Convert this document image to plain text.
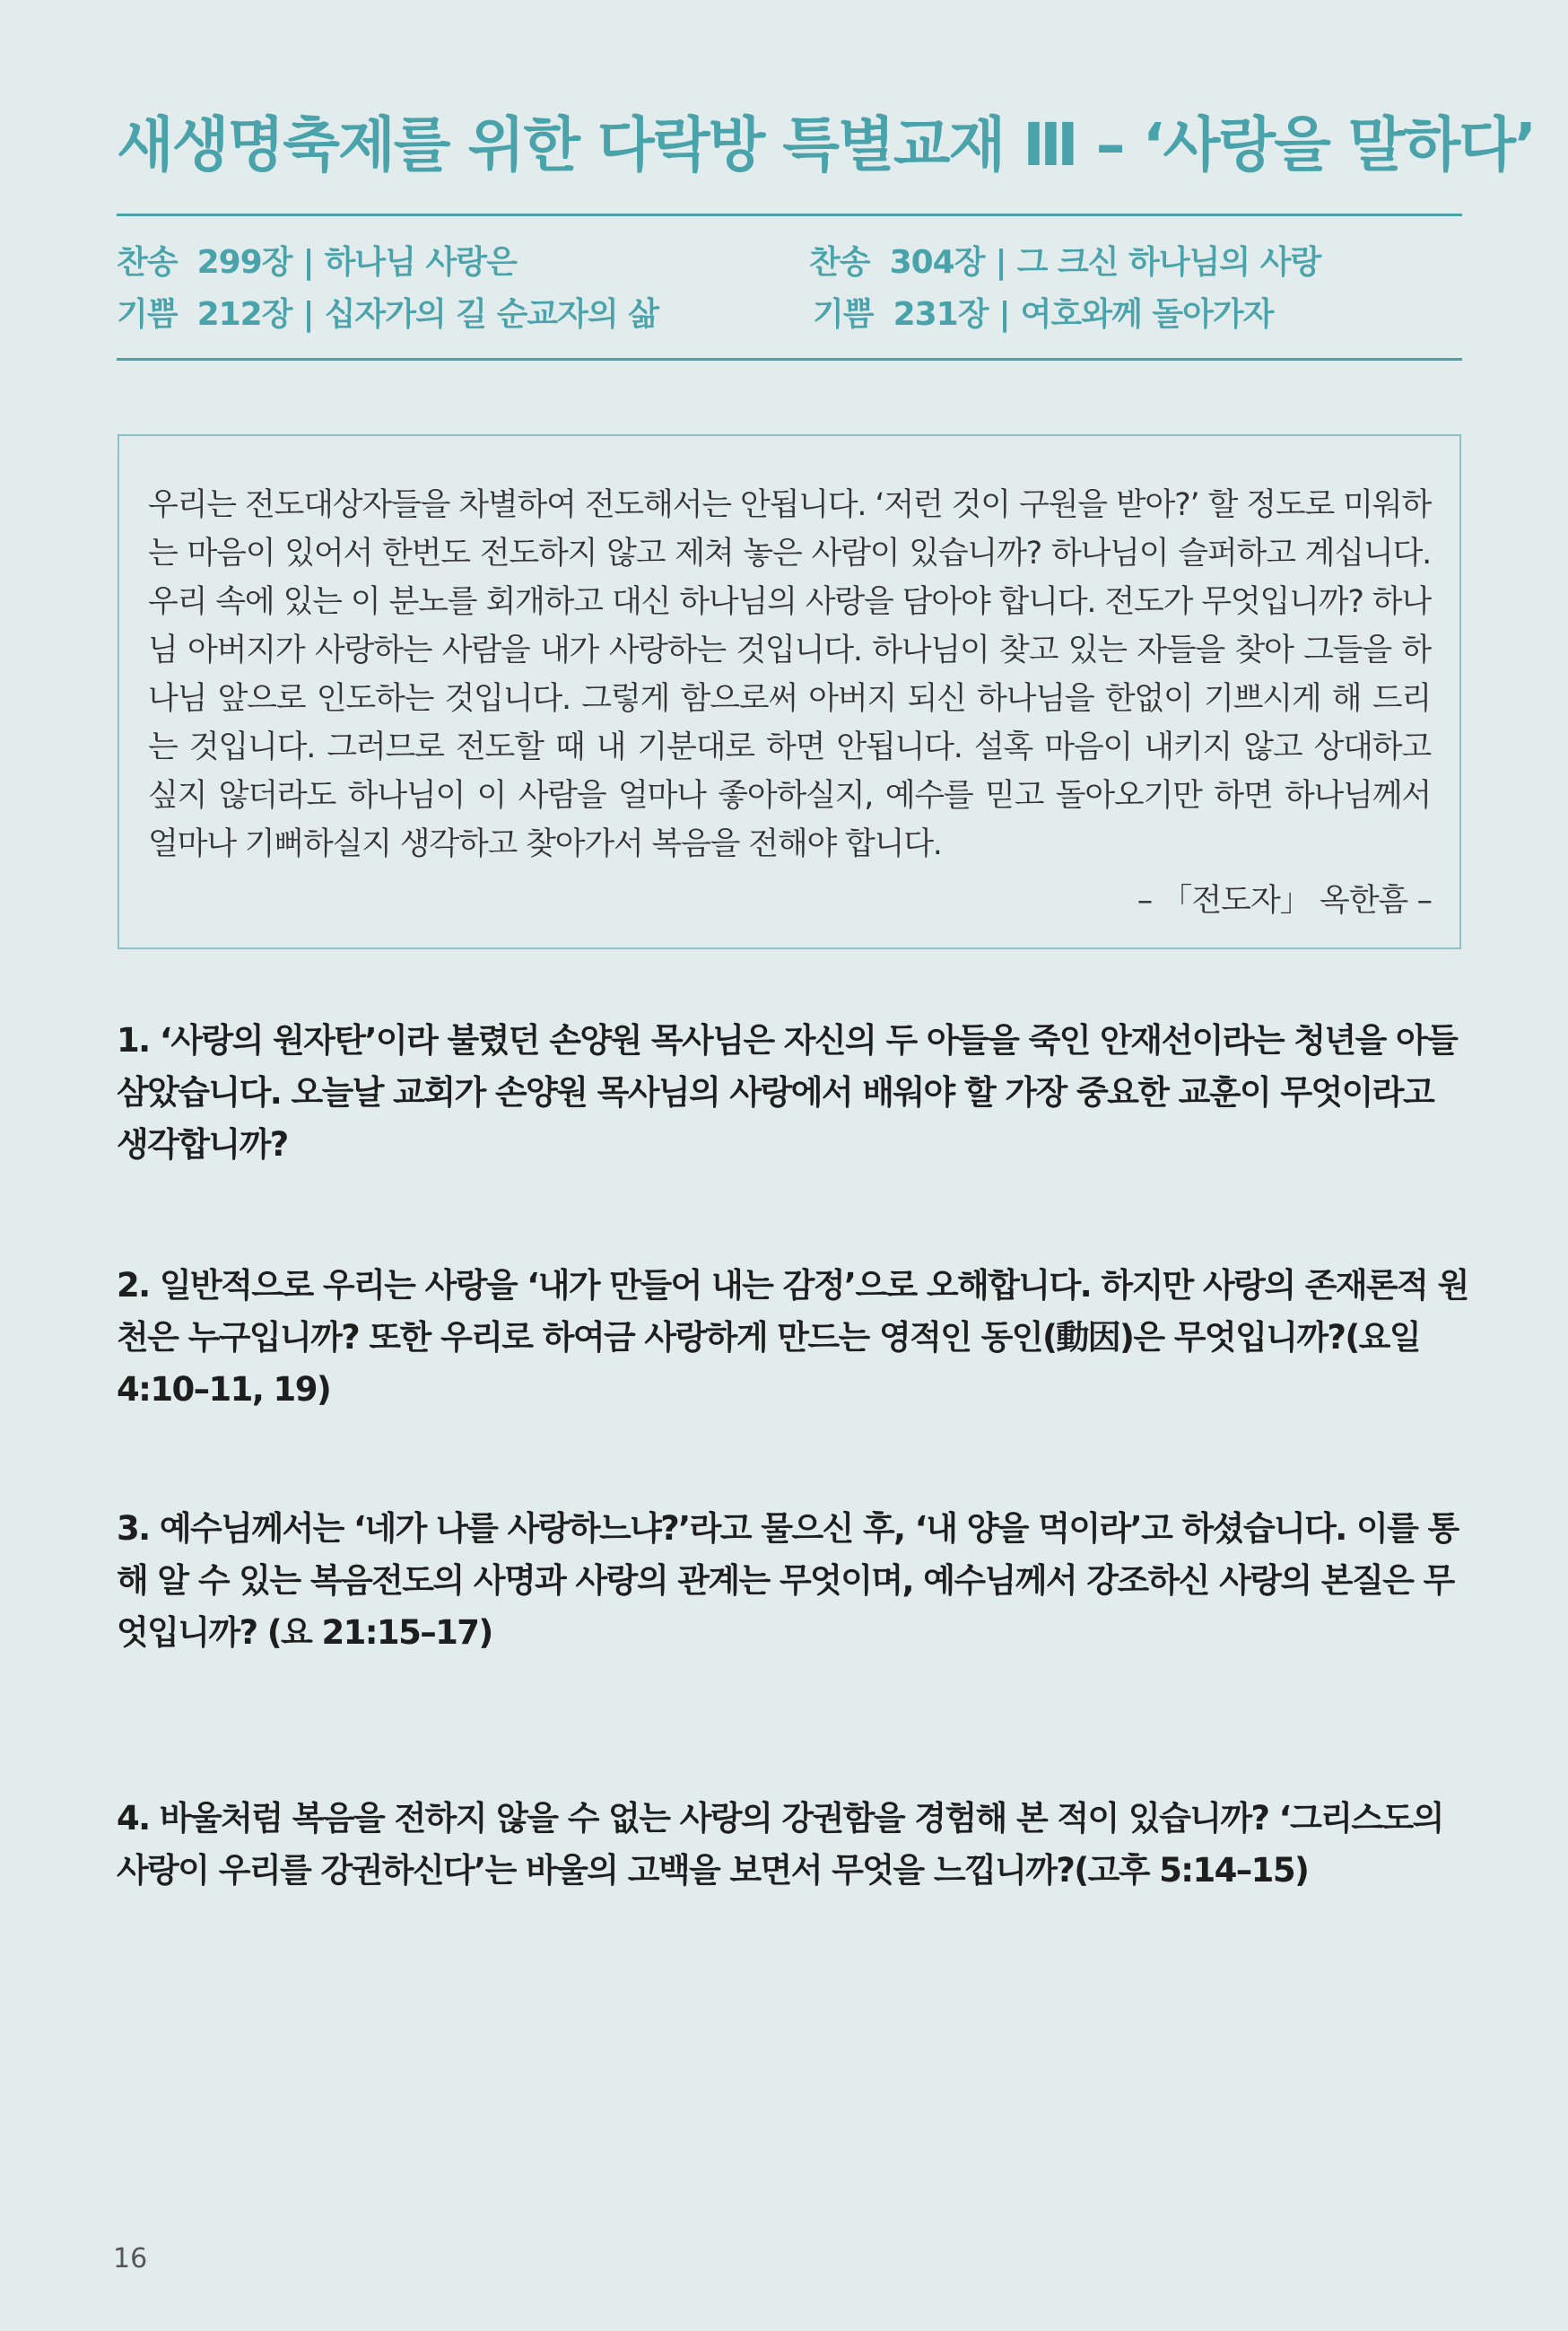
새생명축제를 위한 다락방 특별교재 Ⅲ – ‘사랑을 말하다’
찬송 299장 | 하나님 사랑은
기쁨 212장 | 십자가의 길 순교자의 삶
찬송 304장 | 그 크신 하나님의 사랑
기쁨 231장 | 여호와께 돌아가자
우리는 전도대상자들을 차별하여 전도해서는 안됩니다. ‘저런 것이 구원을 받아?’ 할 정도로 미워하는 마음이 있어서 한번도 전도하지 않고 제쳐 놓은 사람이 있습니까? 하나님이 슬퍼하고 계십니다. 우리 속에 있는 이 분노를 회개하고 대신 하나님의 사랑을 담아야 합니다. 전도가 무엇입니까? 하나님 아버지가 사랑하는 사람을 내가 사랑하는 것입니다. 하나님이 찾고 있는 자들을 찾아 그들을 하나님 앞으로 인도하는 것입니다. 그렇게 함으로써 아버지 되신 하나님을 한없이 기쁘시게 해 드리는 것입니다. 그러므로 전도할 때 내 기분대로 하면 안됩니다. 설혹 마음이 내키지 않고 상대하고 싶지 않더라도 하나님이 이 사람을 얼마나 좋아하실지, 예수를 믿고 돌아오기만 하면 하나님께서 얼마나 기뻐하실지 생각하고 찾아가서 복음을 전해야 합니다.
– 「전도자」 옥한흠 –
1. ‘사랑의 원자탄’이라 불렸던 손양원 목사님은 자신의 두 아들을 죽인 안재선이라는 청년을 아들 삼았습니다. 오늘날 교회가 손양원 목사님의 사랑에서 배워야 할 가장 중요한 교훈이 무엇이라고 생각합니까?
2. 일반적으로 우리는 사랑을 ‘내가 만들어 내는 감정’으로 오해합니다. 하지만 사랑의 존재론적 원천은 누구입니까? 또한 우리로 하여금 사랑하게 만드는 영적인 동인(動因)은 무엇입니까?(요일 4:10–11, 19)
3. 예수님께서는 ‘네가 나를 사랑하느냐?’라고 물으신 후, ‘내 양을 먹이라’고 하셨습니다. 이를 통해 알 수 있는 복음전도의 사명과 사랑의 관계는 무엇이며, 예수님께서 강조하신 사랑의 본질은 무엇입니까? (요 21:15–17)
4. 바울처럼 복음을 전하지 않을 수 없는 사랑의 강권함을 경험해 본 적이 있습니까? ‘그리스도의 사랑이 우리를 강권하신다’는 바울의 고백을 보면서 무엇을 느낍니까?(고후 5:14–15)
16
